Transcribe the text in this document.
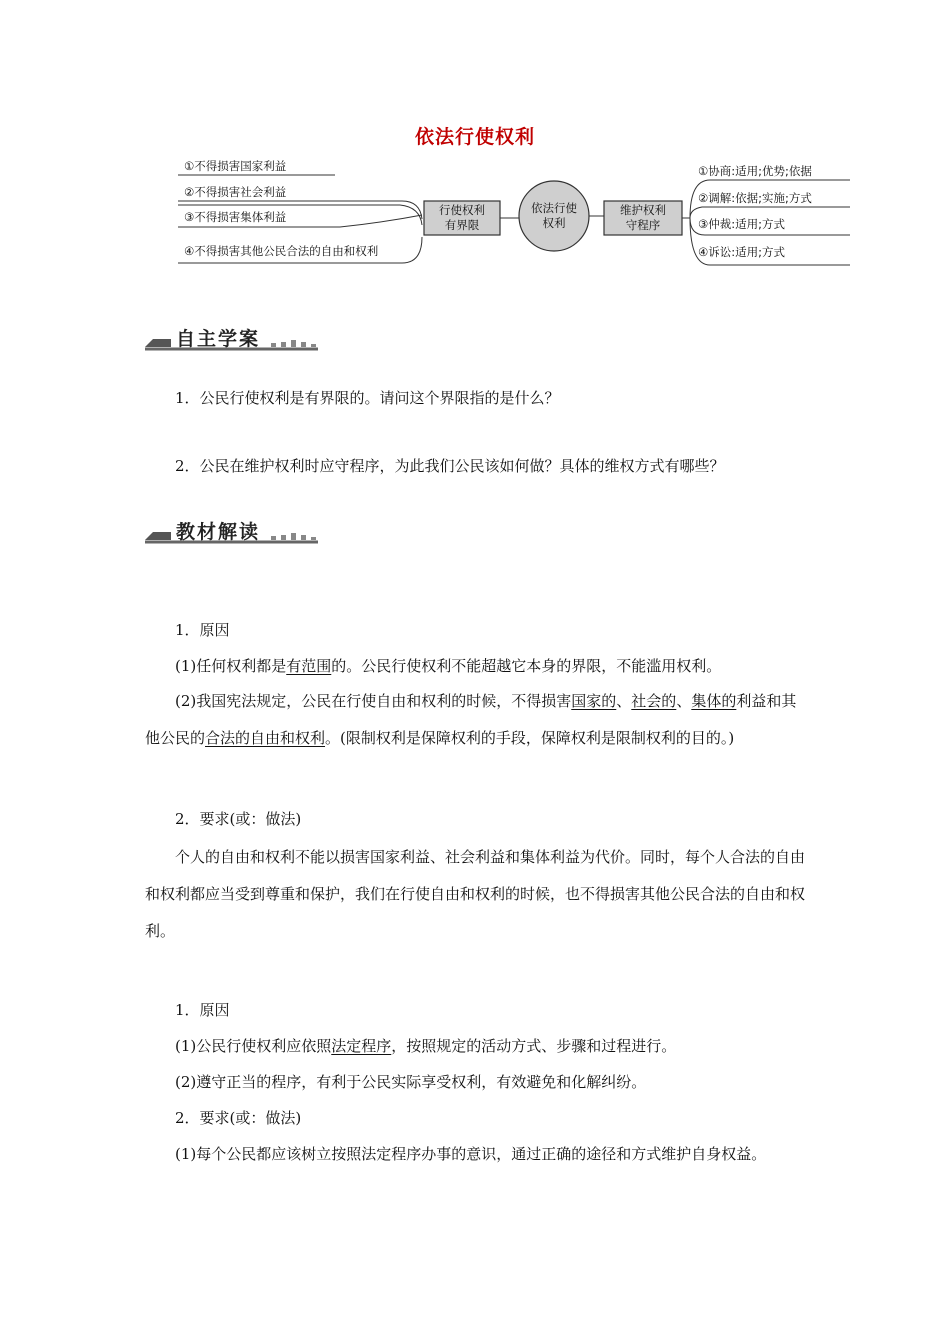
依法行使权利
①不得损害国家利益
②不得损害社会利益
③不得损害集体利益
④不得损害其他公民合法的自由和权利
行使权利
有界限
依法行使
权利
维护权利
守程序
①协商:适用;优势;依据
②调解:依据;实施;方式
③仲裁:适用;方式
④诉讼:适用;方式
自主学案
1．公民行使权利是有界限的。请问这个界限指的是什么？
2．公民在维护权利时应守程序，为此我们公民该如何做？具体的维权方式有哪些？
教材解读
1．原因
(1)任何权利都是有范围的。公民行使权利不能超越它本身的界限，不能滥用权利。
(2)我国宪法规定，公民在行使自由和权利的时候，不得损害国家的、社会的、集体的利益和其他公民的合法的自由和权利。(限制权利是保障权利的手段，保障权利是限制权利的目的。)
2．要求(或：做法)
个人的自由和权利不能以损害国家利益、社会利益和集体利益为代价。同时，每个人合法的自由和权利都应当受到尊重和保护，我们在行使自由和权利的时候，也不得损害其他公民合法的自由和权利。
1．原因
(1)公民行使权利应依照法定程序，按照规定的活动方式、步骤和过程进行。
(2)遵守正当的程序，有利于公民实际享受权利，有效避免和化解纠纷。
2．要求(或：做法)
(1)每个公民都应该树立按照法定程序办事的意识，通过正确的途径和方式维护自身权益。
